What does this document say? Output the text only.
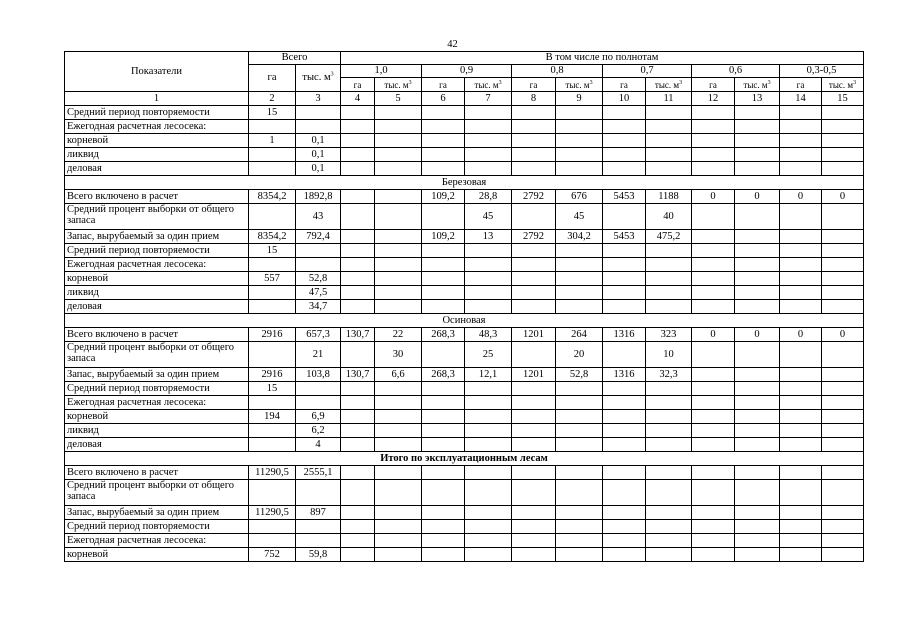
42
Показатели	Всего		В том числе по полнотам											
	га	тыс. $м^3$	1,0		0,9		0,8		0,7		0,6		0,3-0,5	
			га	тыс. $м^3$	га	тыс. $м^3$	га	тыс. $м^3$	га	тыс. $м^3$	га	тыс. $м^3$	га	тыс. $м^3$
1	2	3	4	5	6	7	8	9	10	11	12	13	14	15
Средний период повторяемости	15													
Ежегодная расчетная лесосека:														
корневой	1	0,1												
ликвид		0,1												
деловая		0,1												
Березовая														
Всего включено в расчет	8354,2	1892,8			109,2	28,8	2792	676	5453	1188	0	0	0	0
Средний процент выборки от общего запаса		43				45		45		40				
Запас, вырубаемый за один прием	8354,2	792,4			109,2	13	2792	304,2	5453	475,2				
Средний период повторяемости	15													
Ежегодная расчетная лесосека:														
корневой	557	52,8												
ликвид		47,5												
деловая		34,7												
Осиновая														
Всего включено в расчет	2916	657,3	130,7	22	268,3	48,3	1201	264	1316	323	0	0	0	0
Средний процент выборки от общего запаса		21		30		25		20		10				
Запас, вырубаемый за один прием	2916	103,8	130,7	6,6	268,3	12,1	1201	52,8	1316	32,3				
Средний период повторяемости	15													
Ежегодная расчетная лесосека:														
корневой	194	6,9												
ликвид		6,2												
деловая		4												
Итого по эксплуатационным лесам														
Всего включено в расчет	11290,5	2555,1												
Средний процент выборки от общего запаса														
Запас, вырубаемый за один прием	11290,5	897												
Средний период повторяемости														
Ежегодная расчетная лесосека:														
корневой	752	59,8												
